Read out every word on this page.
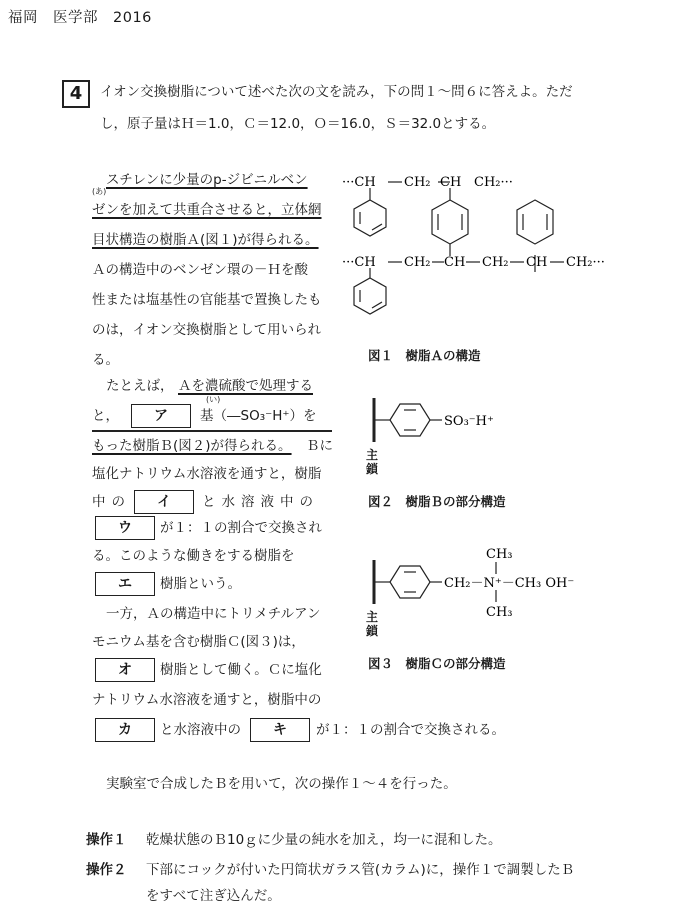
福岡　医学部　2016
4	イオン交換樹脂について述べた次の文を読み，下の問１～問６に答えよ。ただ
し，原子量はＨ＝1.0，Ｃ＝12.0，Ｏ＝16.0，Ｓ＝32.0とする。
(あ)
スチレンに少量のp-ジビニルベン
ゼンを加えて共重合させると，立体網
目状構造の樹脂Ａ(図１)が得られる。
Ａの構造中のベンゼン環の－Ｈを酸
性または塩基性の官能基で置換したも
のは，イオン交換樹脂として用いられ
る。
たとえば， Ａを濃硫酸で処理する
(い)
と，	ア	基（―SO₃⁻H⁺）を
もった樹脂Ｂ(図２)が得られる。 Ｂに
塩化ナトリウム水溶液を通すと，樹脂
中の	イ	と水溶液中の
ウ	が１：１の割合で交換され
る。このような働きをする樹脂を
エ	樹脂という。
一方，Ａの構造中にトリメチルアン
モニウム基を含む樹脂Ｃ(図３)は，
オ	樹脂として働く。Ｃに塩化
ナトリウム水溶液を通すと，樹脂中の
カ	と水溶液中の	キ	が１：１の割合で交換される。
実験室で合成したＢを用いて，次の操作１～４を行った。
操作１ 乾燥状態のＢ10ｇに少量の純水を加え，均一に混和した。
操作２ 下部にコックが付いた円筒状ガラス管(カラム)に，操作１で調製したＢ
をすべて注ぎ込んだ。
···CH CH₂ CH CH₂···
···CH CH₂ CH CH₂ CH CH₂···
図１　樹脂Ａの構造
SO₃⁻H⁺
主鎖
図２　樹脂Ｂの部分構造
CH₃
CH₂－N⁺－CH₃ OH⁻
CH₃
主鎖
図３　樹脂Ｃの部分構造
